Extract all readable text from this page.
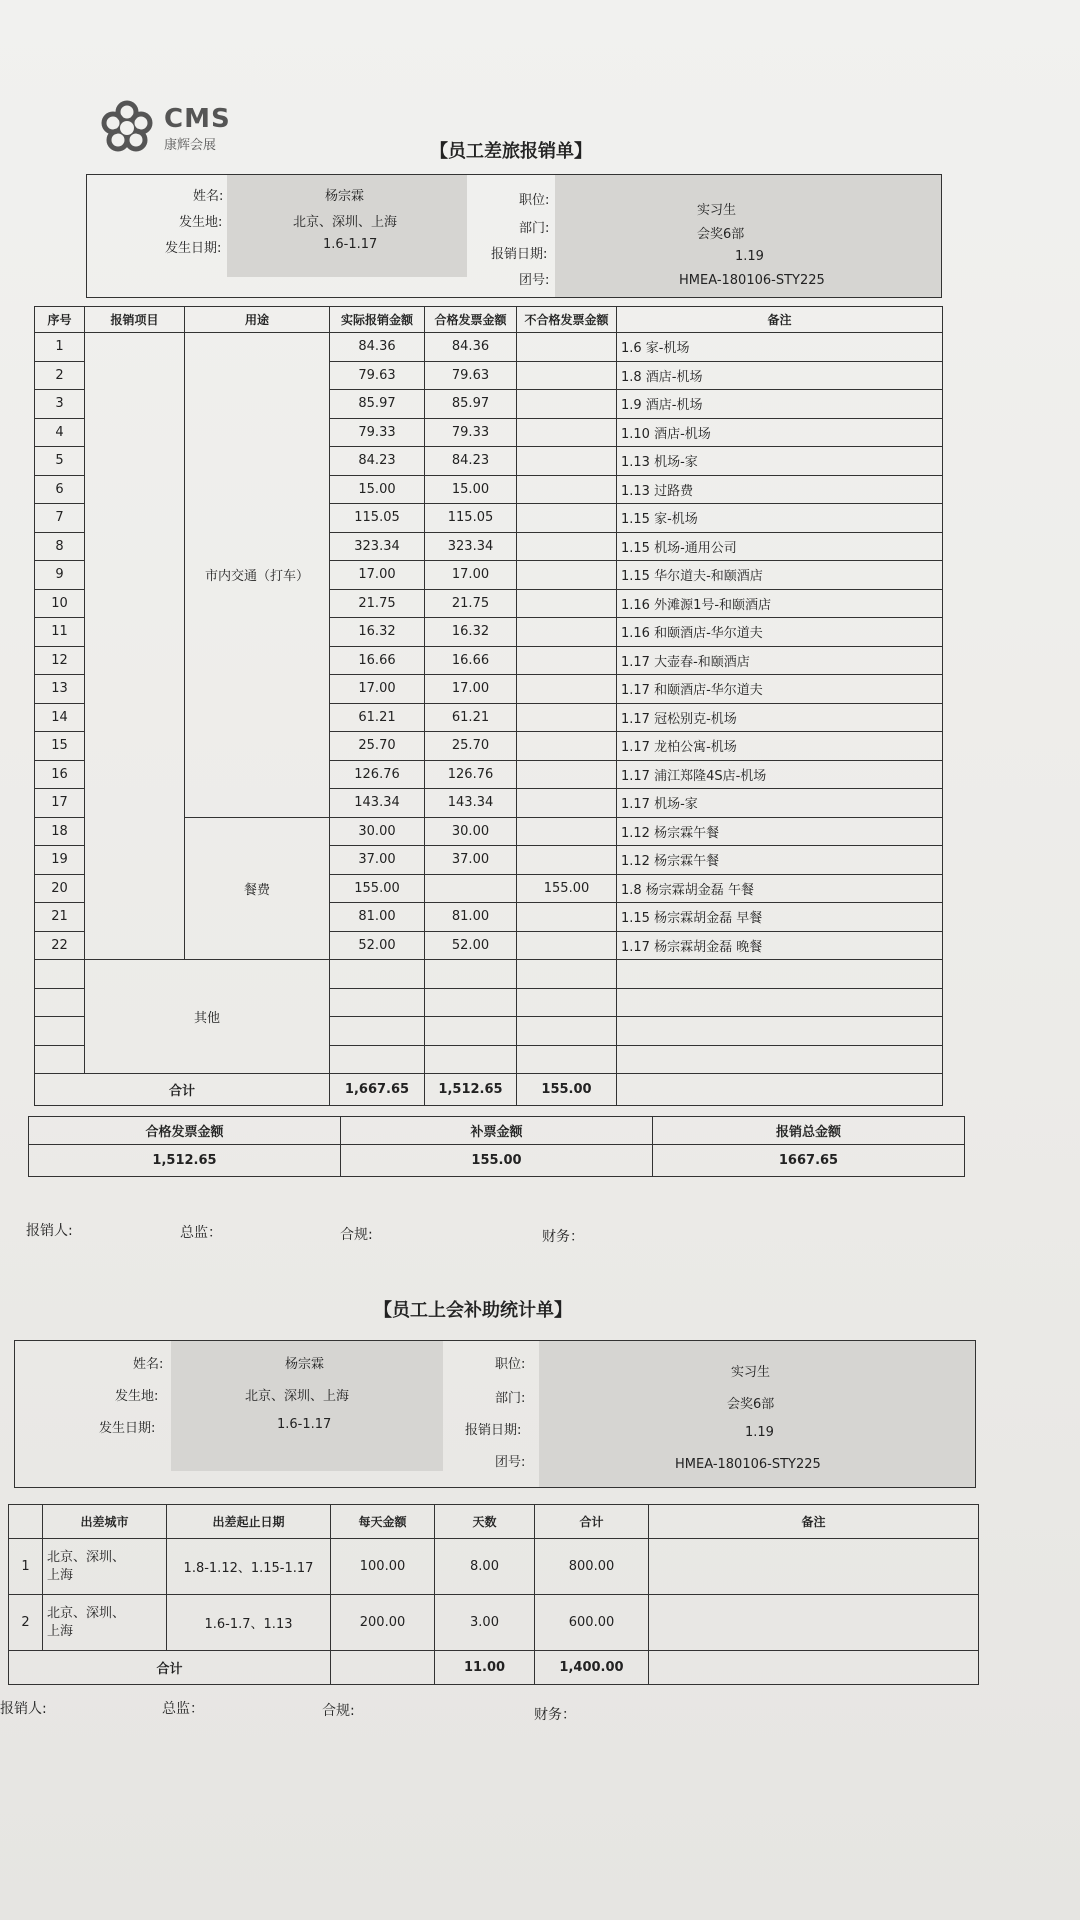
CMS
康辉会展	【员工差旅报销单】
姓名:	杨宗霖
发生地:	北京、深圳、上海
发生日期:	1.6-1.17
职位:
实习生
部门:	会奖6部
报销日期:	1.19
团号:	HMEA-180106-STY225
序号	报销项目	用途	实际报销金额	合格发票金额	不合格发票金额	备注
1		市内交通（打车）	84.36	84.36		1.6 家-机场
2			79.63	79.63		1.8 酒店-机场
3			85.97	85.97		1.9 酒店-机场
4			79.33	79.33		1.10 酒店-机场
5			84.23	84.23		1.13 机场-家
6			15.00	15.00		1.13 过路费
7			115.05	115.05		1.15 家-机场
8			323.34	323.34		1.15 机场-通用公司
9			17.00	17.00		1.15 华尔道夫-和颐酒店
10			21.75	21.75		1.16 外滩源1号-和颐酒店
11			16.32	16.32		1.16 和颐酒店-华尔道夫
12			16.66	16.66		1.17 大壶春-和颐酒店
13			17.00	17.00		1.17 和颐酒店-华尔道夫
14			61.21	61.21		1.17 冠松别克-机场
15			25.70	25.70		1.17 龙柏公寓-机场
16			126.76	126.76		1.17 浦江郑隆4S店-机场
17			143.34	143.34		1.17 机场-家
18		餐费	30.00	30.00		1.12 杨宗霖午餐
19			37.00	37.00		1.12 杨宗霖午餐
20			155.00		155.00	1.8 杨宗霖胡金磊 午餐
21			81.00	81.00		1.15 杨宗霖胡金磊 早餐
22			52.00	52.00		1.17 杨宗霖胡金磊 晚餐
	其他					

合计			1,667.65	1,512.65	155.00	
合格发票金额	补票金额	报销总金额
1,512.65	155.00	1667.65
报销人:	总监：	合规:	财务：
【员工上会补助统计单】
姓名:	杨宗霖
发生地:	北京、深圳、上海
发生日期:	1.6-1.17
职位:
实习生
部门:	会奖6部
报销日期:	1.19
团号:	HMEA-180106-STY225
	出差城市	出差起止日期	每天金额	天数	合计	备注
1	北京、深圳、
上海	1.8-1.12、1.15-1.17	100.00	8.00	800.00	
2	北京、深圳、
上海	1.6-1.7、1.13	200.00	3.00	600.00	
合计				11.00	1,400.00	
报销人:	总监：	合规:	财务：
